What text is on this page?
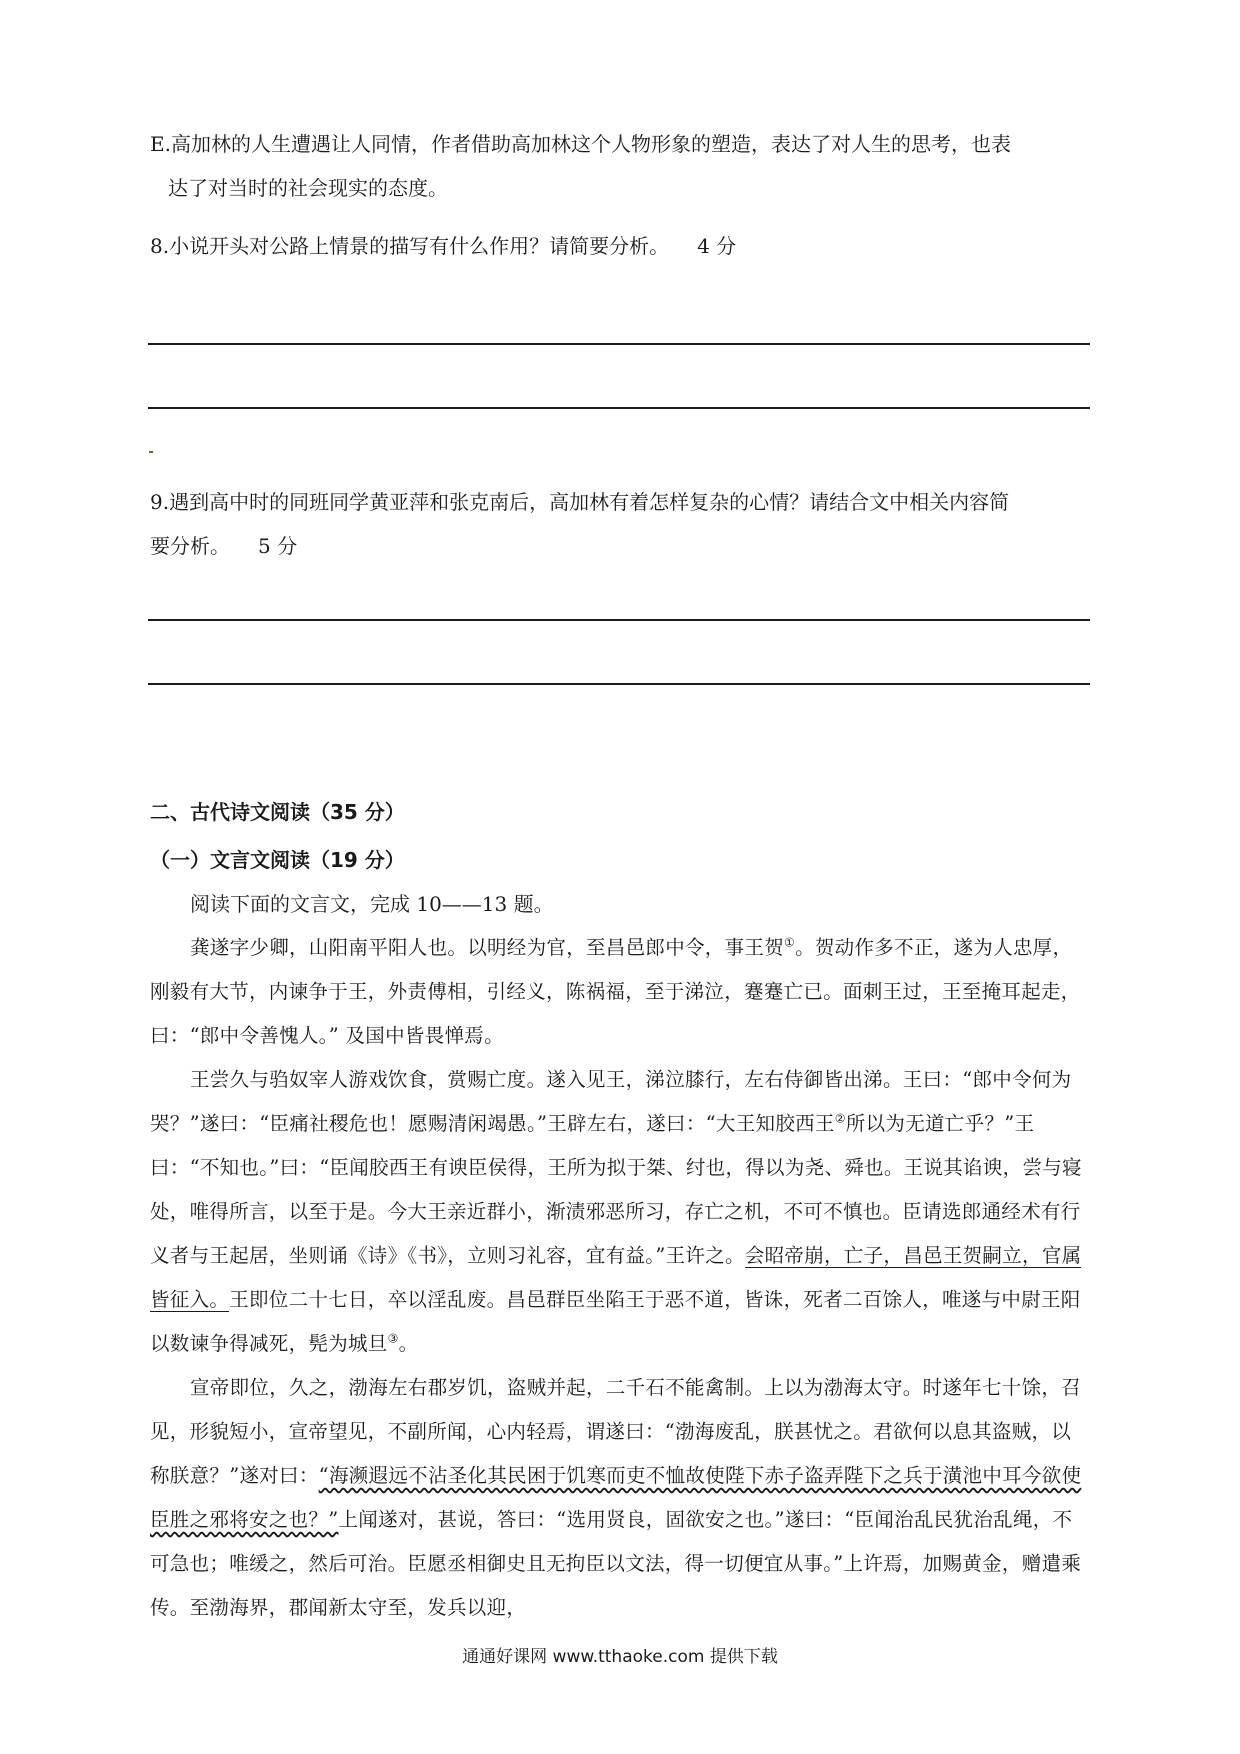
E.高加林的人生遭遇让人同情，作者借助高加林这个人物形象的塑造，表达了对人生的思考，也表
达了对当时的社会现实的态度。
8.小说开头对公路上情景的描写有什么作用？请简要分析。 4 分
9.遇到高中时的同班同学黄亚萍和张克南后，高加林有着怎样复杂的心情？请结合文中相关内容简
要分析。 5 分
二、古代诗文阅读（35 分）
（一）文言文阅读（19 分）
阅读下面的文言文，完成 10——13 题。
龚遂字少卿，山阳南平阳人也。以明经为官，至昌邑郎中令，事王贺①。贺动作多不正，遂为人忠厚，刚毅有大节，内谏争于王，外责傅相，引经义，陈祸福，至于涕泣，蹇蹇亡已。面刺王过，王至掩耳起走，曰：“郎中令善愧人。” 及国中皆畏惮焉。
王尝久与驺奴宰人游戏饮食，赏赐亡度。遂入见王，涕泣膝行，左右侍御皆出涕。王曰：“郎中令何为哭？”遂曰：“臣痛社稷危也！愿赐清闲竭愚。”王辟左右，遂曰：“大王知胶西王②所以为无道亡乎？”王曰：“不知也。”曰：“臣闻胶西王有谀臣侯得，王所为拟于桀、纣也，得以为尧、舜也。王说其谄谀，尝与寝处，唯得所言，以至于是。今大王亲近群小，渐渍邪恶所习，存亡之机，不可不慎也。臣请选郎通经术有行义者与王起居，坐则诵《诗》《书》，立则习礼容，宜有益。”王许之。会昭帝崩，亡子，昌邑王贺嗣立，官属皆征入。王即位二十七日，卒以淫乱废。昌邑群臣坐陷王于恶不道，皆诛，死者二百馀人，唯遂与中尉王阳以数谏争得减死，髡为城旦③。
宣帝即位，久之，渤海左右郡岁饥，盗贼并起，二千石不能禽制。上以为渤海太守。时遂年七十馀，召见，形貌短小，宣帝望见，不副所闻，心内轻焉，谓遂曰：“渤海废乱，朕甚忧之。君欲何以息其盗贼，以称朕意？”遂对曰：“海濒遐远不沾圣化其民困于饥寒而吏不恤故使陛下赤子盗弄陛下之兵于潢池中耳今欲使臣胜之邪将安之也？”上闻遂对，甚说，答曰：“选用贤良，固欲安之也。”遂曰：“臣闻治乱民犹治乱绳，不可急也；唯缓之，然后可治。臣愿丞相御史且无拘臣以文法，得一切便宜从事。”上许焉，加赐黄金，赠遣乘传。至渤海界，郡闻新太守至，发兵以迎，
通通好课网 www.tthaoke.com 提供下载
